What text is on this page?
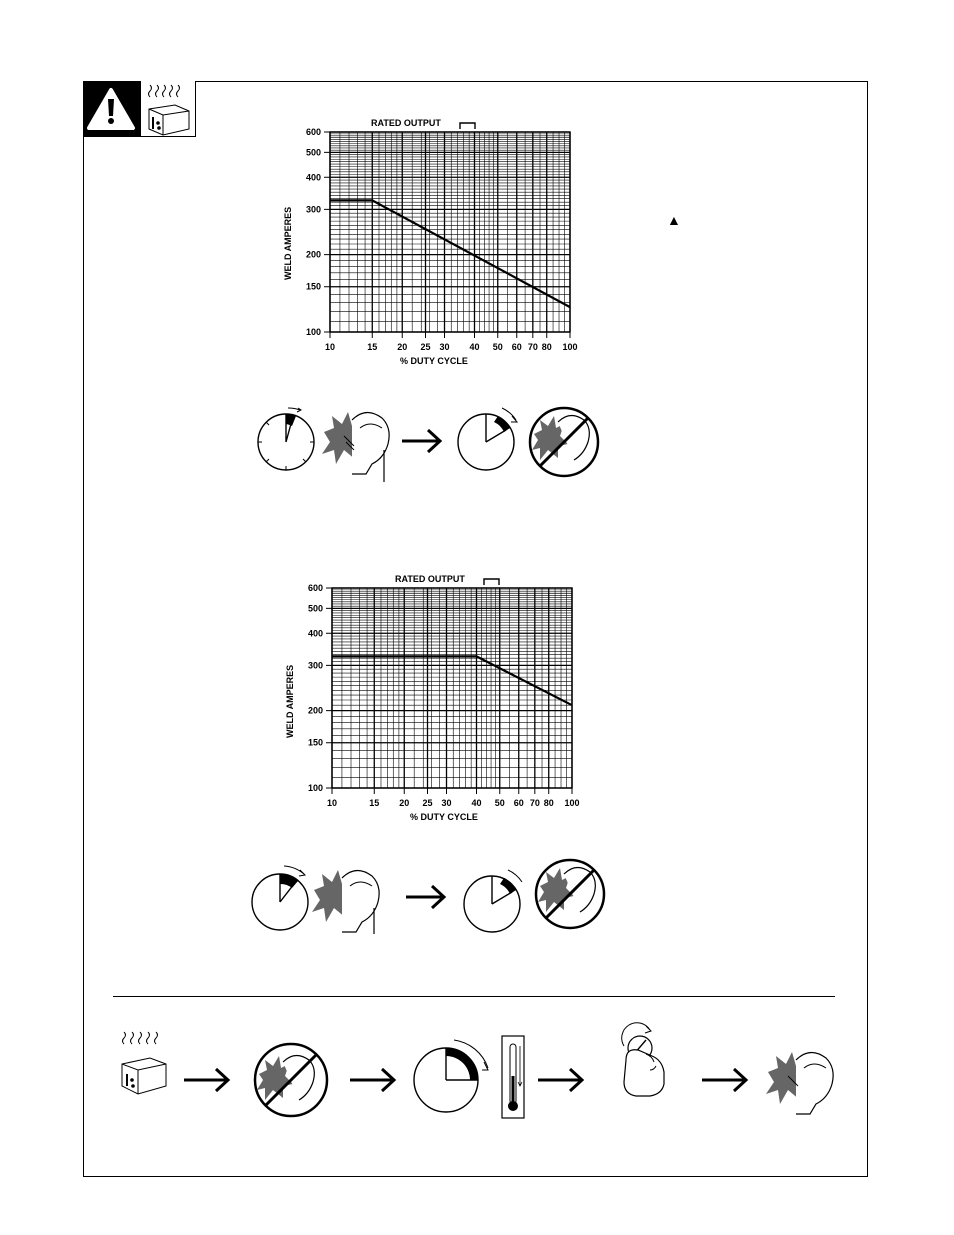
▲
10	15 20 25 30 40 50 60 70 80 100
100
150
200
300
400
500
600
RATED OUTPUT
WELD AMPERES
% DUTY CYCLE
10	15 20 25 30 40 50 60 70 80 100
100
150
200
300
400
500
600
RATED OUTPUT
WELD AMPERES
% DUTY CYCLE
